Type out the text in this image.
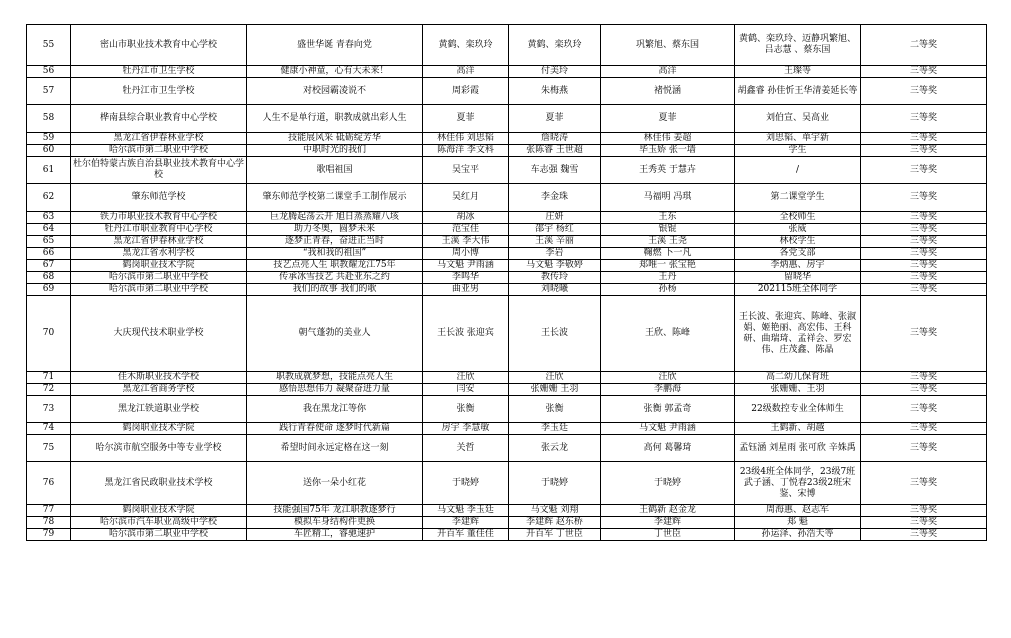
55	密山市职业技术教育中心学校	盛世华诞 青春向党	黄鹤、栾玖玲	黄鹤、栾玖玲	巩繁旭、蔡东国	黄鹤、栾玖玲、迈静巩繁旭、吕志慧 、蔡东国	二等奖
56	牡丹江市卫生学校	健康小神童，心有大未来！	高洋	付美玲	高洋	王璨等	三等奖
57	牡丹江市卫生学校	对校园霸凌说不	周彩霞	朱梅燕	褚悦涵	胡鑫睿 孙佳忻王华清姜延长等	三等奖
58	桦南县综合职业教育中心学校	人生不是单行道，职教成就出彩人生	夏菲	夏菲	夏菲	刘伯宣、吴高业	三等奖
59	黑龙江省伊春林业学校	技能展风采 砥砺绽芳华	林佳伟 刘思韬	詹晓涛	林佳伟 姜超	刘思韬、单宇新	三等奖
60	哈尔滨市第二职业中学校	中职时光的我们	陈海洋 李文科	张陈睿 王世超	毕玉娇 张一墙	学生	三等奖
61	杜尔伯特蒙古族自治县职业技术教育中心学校	歌唱祖国	吴宝平	车志强 魏雪	王秀英 于慧卉	/	三等奖
62	肇东师范学校	肇东师范学校第二课堂手工制作展示	吴红月	李金珠	马福明 冯琪	第二课堂学生	三等奖
63	铁力市职业技术教育中心学校	巨龙腾起荡云开 旭日蒸蒸耀八垓	胡冰	庄妍	王东	全校师生	三等奖
64	牡丹江市职业教育中心学校	助力冬奥，圆梦未来	范宝佳	邵宇 杨红	银锟	张威	三等奖
65	黑龙江省伊春林业学校	逐梦正青春，奋进正当时	王溪 李大伟	王溪 辛丽	王溪 王尧	林校学生	三等奖
66	黑龙江省水利学校	“我和我的祖国”	周小博	李岩	鞠燃 卜一凡	各党支部	三等奖
67	鹤岗职业技术学院	技艺点亮人生 职教耀龙江75年	马文魁 尹雨涵	马文魁 李敬婷	郑唯一 张宝艳	李炳惠、房宇	三等奖
68	哈尔滨市第二职业中学校	传承冰雪技艺 共赴亚东之约	李鸣华	教传玲	王丹	留晓华	三等奖
69	哈尔滨市第二职业中学校	我们的故事 我们的歌	曲亚男	刘晓曦	孙杨	202115班全体同学	三等奖
70	大庆现代技术职业学校	朝气蓬勃的美业人	王长波 张迎宾	王长波	王欣、陈峰	王长波、张迎宾、陈峰、张淑娟、姬艳丽、高宏伟、王科研、曲瑞琦、孟祥会、罗宏伟、庄茂鑫、陈晶	三等奖
71	佳木斯职业技术学校	职教成就梦想，技能点亮人生	汪欣	汪欣	汪欣	高二幼儿保育班	三等奖
72	黑龙江省商务学校	感悟思想伟力 凝聚奋进力量	闫安	张姗姗 王羽	李鹏海	张姗姗、王羽	三等奖
73	黑龙江铁道职业学校	我在黑龙江等你	张衡	张衡	张衡 郭孟奇	22级数控专业全体师生	三等奖
74	鹤岗职业技术学院	践行青春使命 逐梦时代新篇	房宇 李慧敏	李玉廷	马文魁 尹雨涵	王鹤新、胡越	三等奖
75	哈尔滨市航空服务中等专业学校	希望时间永远定格在这一刻	关哲	张云龙	高何 葛馨琦	孟钰涵 刘星雨 张可欣 辛姝禹	三等奖
76	黑龙江省民政职业技术学校	送你一朵小红花	于晓婷	于晓婷	于晓婷	23级4班全体同学，23级7班武子涵、丁悦春23级2班宋鉴、宋博	三等奖
77	鹤岗职业技术学院	技能强国75年 龙江职教逐梦行	马文魁 李玉廷	马文魁 刘翔	王鹤新 赵金龙	周海惠、赵志军	三等奖
78	哈尔滨市汽车职业高级中学校	模拟车身结构件更换	李建辉	李建辉 赵东桥	李建辉	郑 魁	三等奖
79	哈尔滨市第二职业中学校	车匠精工，睿驰速护	开百军 董佳佳	开百军 丁世臣	丁世臣	孙运泽、孙浩天等	三等奖
